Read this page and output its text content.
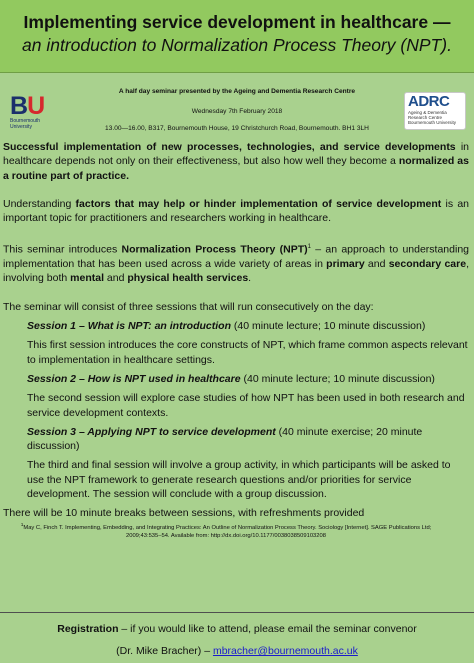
Implementing service development in healthcare —
an introduction to Normalization Process Theory (NPT).
BU
Bournemouth
University
A half day seminar presented by the Ageing and Dementia Research Centre
Wednesday 7th February 2018
13.00—16.00, B317, Bournemouth House, 19 Christchurch Road, Bournemouth. BH1 3LH
ADRC
Ageing & Dementia
Research Centre
Bournemouth University

Successful implementation of new processes, technologies, and service developments in healthcare depends not only on their effectiveness, but also how well they become a normalized as a routine part of practice.

Understanding factors that may help or hinder implementation of service development is an important topic for practitioners and researchers working in healthcare.

This seminar introduces Normalization Process Theory (NPT)$^1$ – an approach to understanding implementation that has been used across a wide variety of areas in primary and secondary care, involving both mental and physical health services.

The seminar will consist of three sessions that will run consecutively on the day:

Session 1 – What is NPT: an introduction (40 minute lecture; 10 minute discussion)

This first session introduces the core constructs of NPT, which frame common aspects relevant to implementation in healthcare settings.

Session 2 – How is NPT used in healthcare (40 minute lecture; 10 minute discussion)

The second session will explore case studies of how NPT has been used in both research and service development contexts.

Session 3 – Applying NPT to service development (40 minute exercise; 20 minute discussion)

The third and final session will involve a group activity, in which participants will be asked to use the NPT framework to generate research questions and/or priorities for service development. The session will conclude with a group discussion.

There will be 10 minute breaks between sessions, with refreshments provided

$^1$May C, Finch T. Implementing, Embedding, and Integrating Practices: An Outline of Normalization Process Theory. Sociology [Internet]. SAGE Publications Ltd; 2009;43:535–54. Available from: http://dx.doi.org/10.1177/0038038509103208

Registration – if you would like to attend, please email the seminar convenor
(Dr. Mike Bracher) – mbracher@bournemouth.ac.uk
